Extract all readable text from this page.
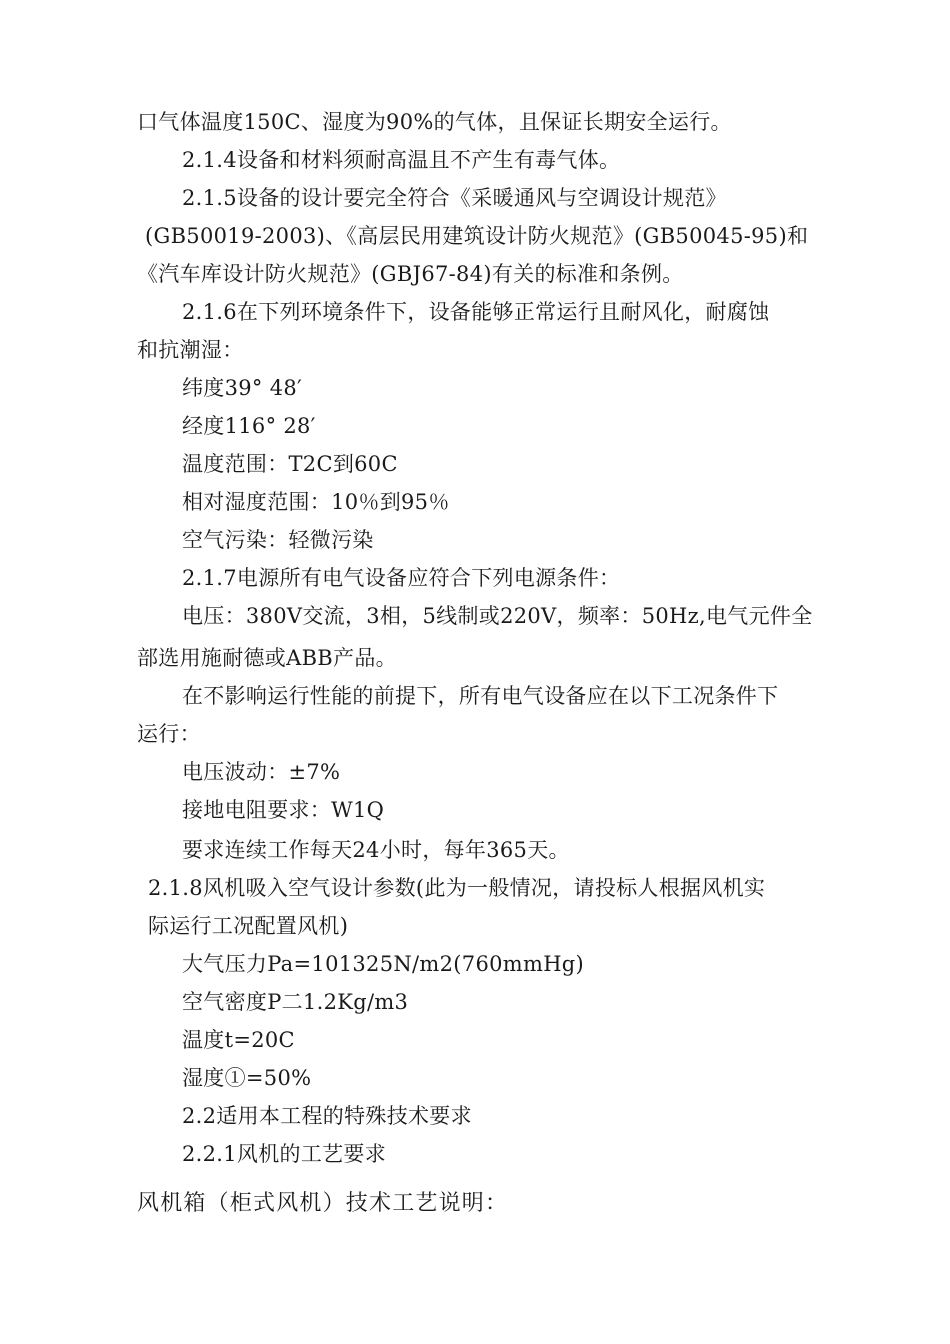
口气体温度150C、湿度为90%的气体，且保证长期安全运行。
2.1.4设备和材料须耐高温且不产生有毒气体。
2.1.5设备的设计要完全符合《采暖通风与空调设计规范》
(GB50019-2003)、《高层民用建筑设计防火规范》(GB50045-95)和
《汽车库设计防火规范》(GBJ67-84)有关的标准和条例。
2.1.6在下列环境条件下，设备能够正常运行且耐风化，耐腐蚀
和抗潮湿：
纬度39° 48′
经度116° 28′
温度范围：T2C到60C
相对湿度范围：10％到95％
空气污染：轻微污染
2.1.7电源所有电气设备应符合下列电源条件：
电压：380V交流，3相，5线制或220V，频率：50Hz,电气元件全
部选用施耐德或ABB产品。
在不影响运行性能的前提下，所有电气设备应在以下工况条件下
运行：
电压波动：±7%
接地电阻要求：W1Q
要求连续工作每天24小时，每年365天。
2.1.8风机吸入空气设计参数(此为一般情况，请投标人根据风机实
际运行工况配置风机)
大气压力Pa=101325N/m2(760mmHg)
空气密度P二1.2Kg/m3
温度t=20C
湿度①=50%
2.2适用本工程的特殊技术要求
2.2.1风机的工艺要求
风机箱（柜式风机）技术工艺说明：
